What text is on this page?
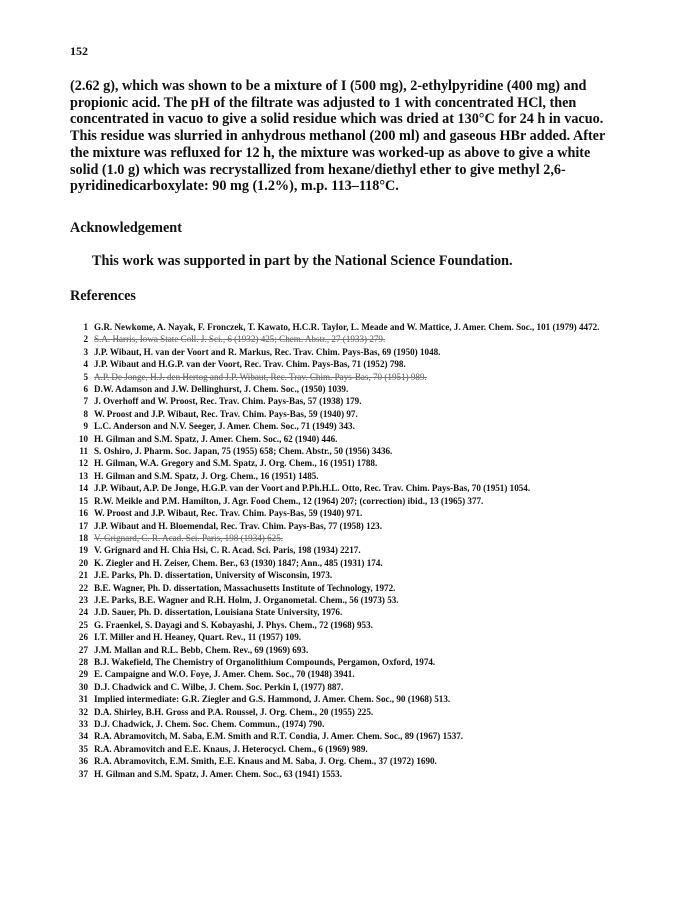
152

(2.62 g), which was shown to be a mixture of I (500 mg), 2-ethylpyridine (400 mg) and propionic acid. The pH of the filtrate was adjusted to 1 with concentrated HCl, then concentrated in vacuo to give a solid residue which was dried at 130°C for 24 h in vacuo. This residue was slurried in anhydrous methanol (200 ml) and gaseous HBr added. After the mixture was refluxed for 12 h, the mixture was worked-up as above to give a white solid (1.0 g) which was recrystallized from hexane/diethyl ether to give methyl 2,6-pyridinedicarboxylate: 90 mg (1.2%), m.p. 113–118°C.

Acknowledgement
This work was supported in part by the National Science Foundation.
References
1 G.R. Newkome, A. Nayak, F. Fronczek, T. Kawato, H.C.R. Taylor, L. Meade and W. Mattice, J. Amer. Chem. Soc., 101 (1979) 4472.
2 S.A. Harris, Iowa State Coll. J. Sci., 6 (1932) 425; Chem. Abstr., 27 (1933) 279.
3 J.P. Wibaut, H. van der Voort and R. Markus, Rec. Trav. Chim. Pays-Bas, 69 (1950) 1048.
4 J.P. Wibaut and H.G.P. van der Voort, Rec. Trav. Chim. Pays-Bas, 71 (1952) 798.
5 A.P. De Jonge, H.J. den Hertog and J.P. Wibaut, Rec. Trav. Chim. Pays-Bas, 70 (1951) 989.
6 D.W. Adamson and J.W. Dellinghurst, J. Chem. Soc., (1950) 1039.
7 J. Overhoff and W. Proost, Rec. Trav. Chim. Pays-Bas, 57 (1938) 179.
8 W. Proost and J.P. Wibaut, Rec. Trav. Chim. Pays-Bas, 59 (1940) 97.
9 L.C. Anderson and N.V. Seeger, J. Amer. Chem. Soc., 71 (1949) 343.
10 H. Gilman and S.M. Spatz, J. Amer. Chem. Soc., 62 (1940) 446.
11 S. Oshiro, J. Pharm. Soc. Japan, 75 (1955) 658; Chem. Abstr., 50 (1956) 3436.
12 H. Gilman, W.A. Gregory and S.M. Spatz, J. Org. Chem., 16 (1951) 1788.
13 H. Gilman and S.M. Spatz, J. Org. Chem., 16 (1951) 1485.
14 J.P. Wibaut, A.P. De Jonge, H.G.P. van der Voort and P.Ph.H.L. Otto, Rec. Trav. Chim. Pays-Bas, 70 (1951) 1054.
15 R.W. Meikle and P.M. Hamilton, J. Agr. Food Chem., 12 (1964) 207; (correction) ibid., 13 (1965) 377.
16 W. Proost and J.P. Wibaut, Rec. Trav. Chim. Pays-Bas, 59 (1940) 971.
17 J.P. Wibaut and H. Bloemendal, Rec. Trav. Chim. Pays-Bas, 77 (1958) 123.
18 V. Grignard, C. R. Acad. Sci. Paris, 198 (1934) 625.
19 V. Grignard and H. Chia Hsi, C. R. Acad. Sci. Paris, 198 (1934) 2217.
20 K. Ziegler and H. Zeiser, Chem. Ber., 63 (1930) 1847; Ann., 485 (1931) 174.
21 J.E. Parks, Ph. D. dissertation, University of Wisconsin, 1973.
22 B.E. Wagner, Ph. D. dissertation, Massachusetts Institute of Technology, 1972.
23 J.E. Parks, B.E. Wagner and R.H. Holm, J. Organometal. Chem., 56 (1973) 53.
24 J.D. Sauer, Ph. D. dissertation, Louisiana State University, 1976.
25 G. Fraenkel, S. Dayagi and S. Kobayashi, J. Phys. Chem., 72 (1968) 953.
26 I.T. Miller and H. Heaney, Quart. Rev., 11 (1957) 109.
27 J.M. Mallan and R.L. Bebb, Chem. Rev., 69 (1969) 693.
28 B.J. Wakefield, The Chemistry of Organolithium Compounds, Pergamon, Oxford, 1974.
29 E. Campaigne and W.O. Foye, J. Amer. Chem. Soc., 70 (1948) 3941.
30 D.J. Chadwick and C. Wilbe, J. Chem. Soc. Perkin I, (1977) 887.
31 Implied intermediate: G.R. Ziegler and G.S. Hammond, J. Amer. Chem. Soc., 90 (1968) 513.
32 D.A. Shirley, B.H. Gross and P.A. Roussel, J. Org. Chem., 20 (1955) 225.
33 D.J. Chadwick, J. Chem. Soc. Chem. Commun., (1974) 790.
34 R.A. Abramovitch, M. Saba, E.M. Smith and R.T. Condia, J. Amer. Chem. Soc., 89 (1967) 1537.
35 R.A. Abramovitch and E.E. Knaus, J. Heterocycl. Chem., 6 (1969) 989.
36 R.A. Abramovitch, E.M. Smith, E.E. Knaus and M. Saba, J. Org. Chem., 37 (1972) 1690.
37 H. Gilman and S.M. Spatz, J. Amer. Chem. Soc., 63 (1941) 1553.
